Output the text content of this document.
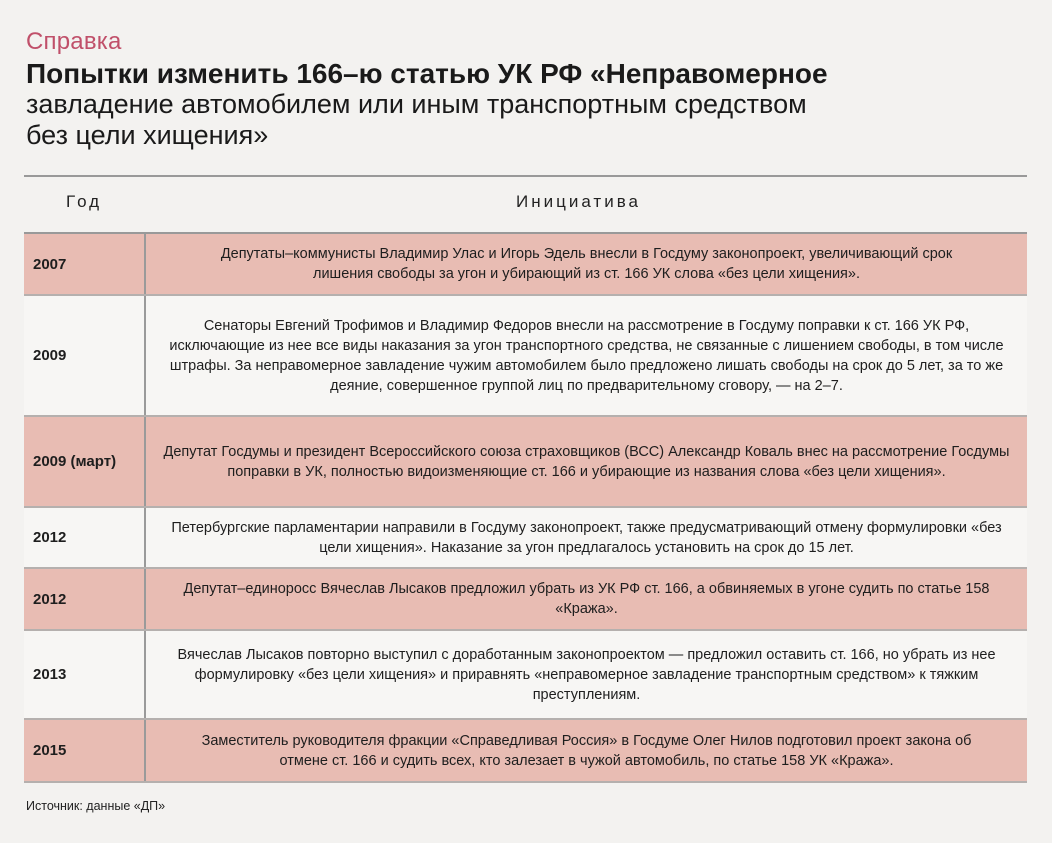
Справка
Попытки изменить 166–ю статью УК РФ «Неправомерное
завладение автомобилем или иным транспортным средством
без цели хищения»
Год	Инициатива
2007

Депутаты–коммунисты Владимир Улас и Игорь Эдель внесли в Госдуму законопроект, увеличивающий срок лишения свободы за угон и убирающий из ст. 166 УК слова «без цели хищения».

2009

Сенаторы Евгений Трофимов и Владимир Федоров внесли на рассмотрение в Госдуму поправки к ст. 166 УК РФ, исключающие из нее все виды наказания за угон транспортного средства, не связанные с лишением свободы, в том числе штрафы. За неправомерное завладение чужим автомобилем было предложено лишать свободы на срок до 5 лет, за то же деяние, совершенное группой лиц по предварительному сговору, — на 2–7.

2009 (март)

Депутат Госдумы и президент Всероссийского союза страховщиков (ВСС) Александр Коваль внес на рассмотрение Госдумы поправки в УК, полностью видоизменяющие ст. 166 и убирающие из названия слова «без цели хищения».

2012

Петербургские парламентарии направили в Госдуму законопроект, также предусматривающий отмену формулировки «без цели хищения». Наказание за угон предлагалось установить на срок до 15 лет.

2012

Депутат–единоросс Вячеслав Лысаков предложил убрать из УК РФ ст. 166, а обвиняемых в угоне судить по статье 158 «Кража».

2013

Вячеслав Лысаков повторно выступил с доработанным законопроектом — предложил оставить ст. 166, но убрать из нее формулировку «без цели хищения» и приравнять «неправомерное завладение транспортным средством» к тяжким преступлениям.

2015

Заместитель руководителя фракции «Справедливая Россия» в Госдуме Олег Нилов подготовил проект закона об отмене ст. 166 и судить всех, кто залезает в чужой автомобиль, по статье 158 УК «Кража».

Источник: данные «ДП»
